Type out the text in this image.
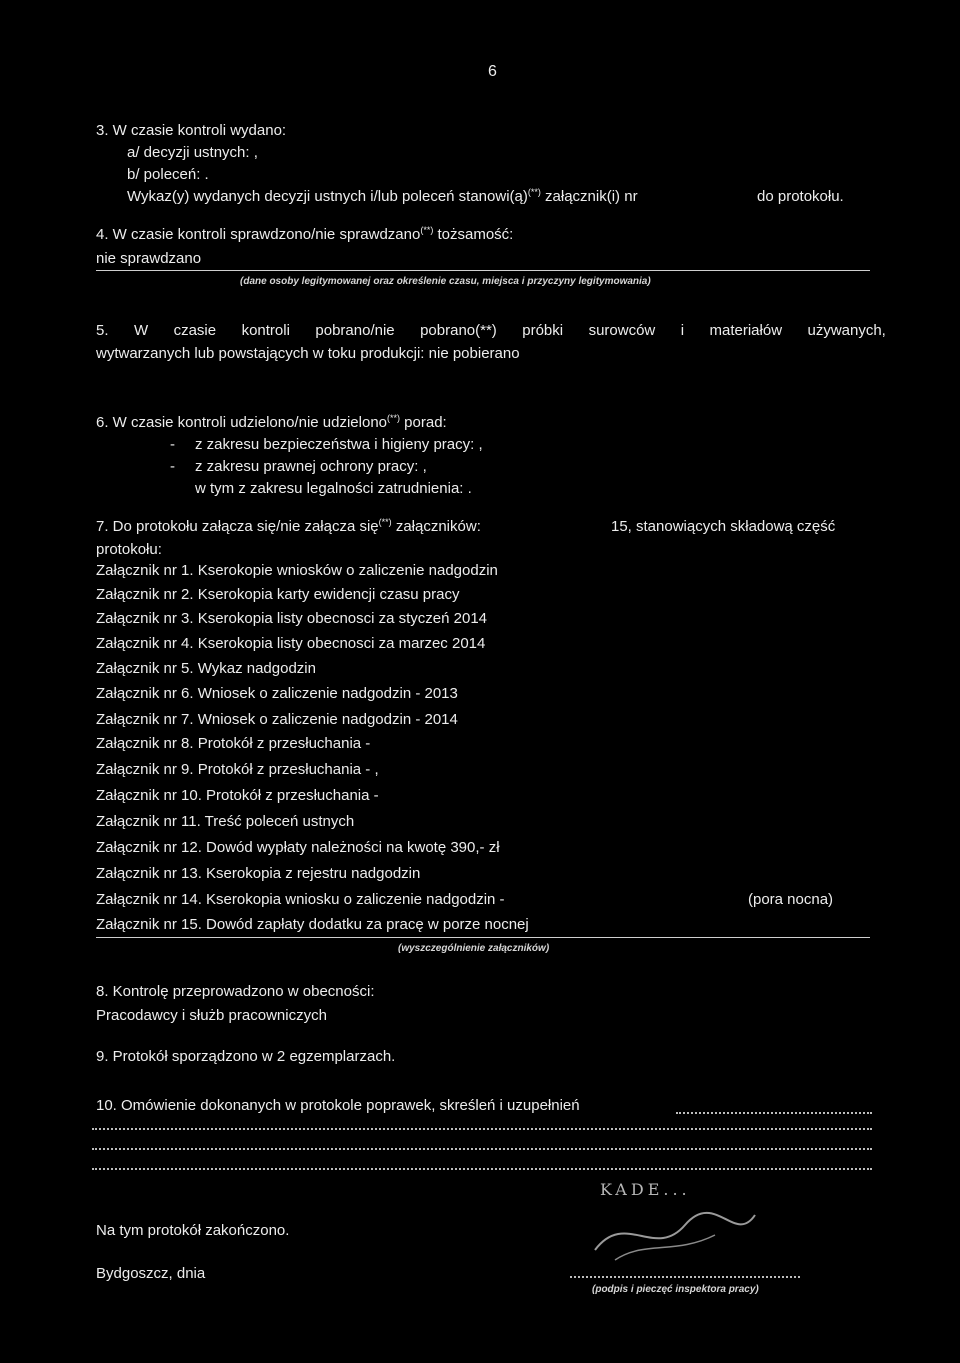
6
3. W czasie kontroli wydano:
a/ decyzji ustnych: ,
b/ poleceń: .
Wykaz(y) wydanych decyzji ustnych i/lub poleceń stanowi(ą)(**) załącznik(i) nr	do protokołu.
4. W czasie kontroli sprawdzono/nie sprawdzano(**) tożsamość:
nie sprawdzano
(dane osoby legitymowanej oraz określenie czasu, miejsca i przyczyny legitymowania)
5. W czasie kontroli pobrano/nie pobrano(**) próbki surowców i materiałów używanych,
wytwarzanych lub powstających w toku produkcji: nie pobierano
6. W czasie kontroli udzielono/nie udzielono(**) porad:
- z zakresu bezpieczeństwa i higieny pracy: ,
- z zakresu prawnej ochrony pracy: ,
w tym z zakresu legalności zatrudnienia: .
7. Do protokołu załącza się/nie załącza się(**) załączników:	15, stanowiących składową część
protokołu:
Załącznik nr 1. Kserokopie wniosków o zaliczenie nadgodzin
Załącznik nr 2. Kserokopia karty ewidencji czasu pracy
Załącznik nr 3. Kserokopia listy obecnosci za styczeń 2014
Załącznik nr 4. Kserokopia listy obecnosci za marzec 2014
Załącznik nr 5. Wykaz nadgodzin
Załącznik nr 6. Wniosek o zaliczenie nadgodzin - 2013
Załącznik nr 7. Wniosek o zaliczenie nadgodzin - 2014
Załącznik nr 8. Protokół z przesłuchania -
Załącznik nr 9. Protokół z przesłuchania - ,
Załącznik nr 10. Protokół z przesłuchania -
Załącznik nr 11. Treść poleceń ustnych
Załącznik nr 12. Dowód wypłaty należności na kwotę 390,- zł
Załącznik nr 13. Kserokopia z rejestru nadgodzin
Załącznik nr 14. Kserokopia wniosku o zaliczenie nadgodzin -	(pora nocna)
Załącznik nr 15. Dowód zapłaty dodatku za pracę w porze nocnej
(wyszczególnienie załączników)
8. Kontrolę przeprowadzono w obecności:
Pracodawcy i służb pracowniczych
9. Protokół sporządzono w 2 egzemplarzach.
10. Omówienie dokonanych w protokole poprawek, skreśleń i uzupełnień
KADE...
Na tym protokół zakończono.
Bydgoszcz, dnia
(podpis i pieczęć inspektora pracy)
